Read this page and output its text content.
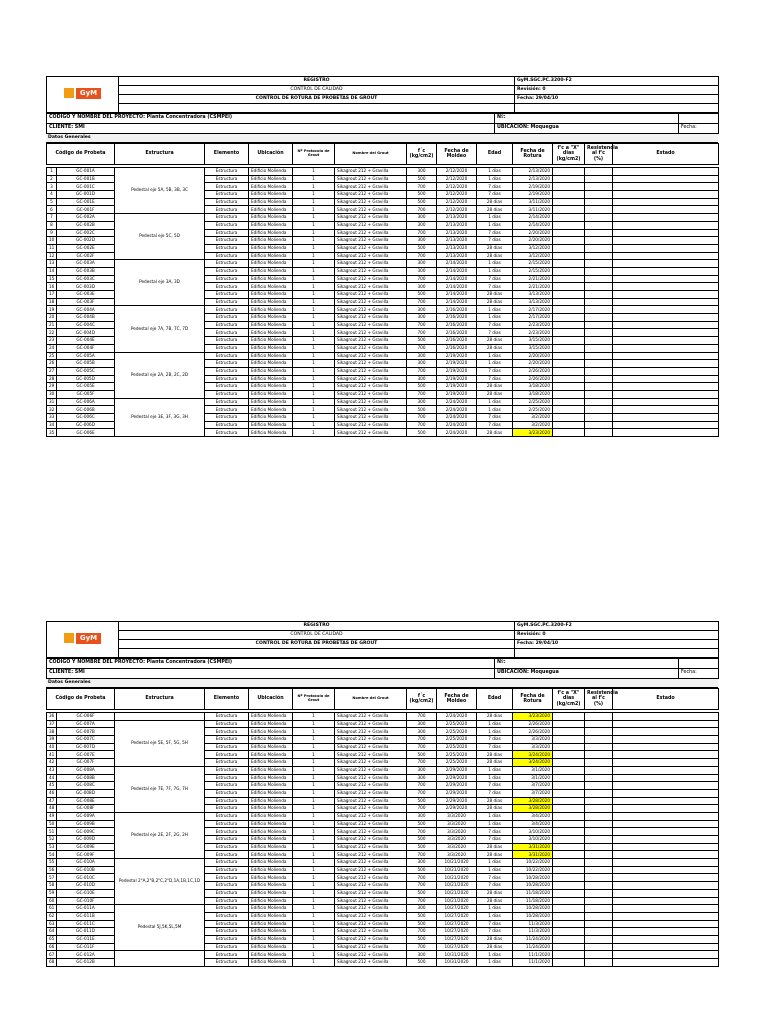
GyM	REGISTRO	GyM.SGC.PC.3200-F2
	CONTROL DE CALIDAD	Revisión: 0
	CONTROL DE ROTURA DE PROBETAS DE GROUT	Fecha: 29/04/10

CÓDIGO Y NOMBRE DEL PROYECTO: Planta Concentradora (CSMPEI)	Nº:	
CLIENTE: SMI	UBICACIÓN: Moquegua	Fecha:
Datos Generales
Código de Probeta		Estructura	Elemento	Ubicación	Nº Protocolo de Grout	Nombre del Grout	f´c (kg/cm2)	Fecha de Moldeo	Edad	Fecha de Rotura	f'c a "X" dias (kg/cm2)	Resistencia al f'c (%)	Estado

1	GC-001A	Pedestal eje 5A, 5B, 3B, 3C	Estructura	Edificio Molienda	1	Sikagrout 212 + Gravilla	300	2/12/2020	1 dias	2/13/2020			
2	GC-001B		Estructura	Edificio Molienda	1	Sikagrout 212 + Gravilla	500	2/12/2020	1 dias	2/13/2020			
3	GC-001C		Estructura	Edificio Molienda	1	Sikagrout 212 + Gravilla	700	2/12/2020	7 dias	2/19/2020			
4	GC-001D		Estructura	Edificio Molienda	1	Sikagrout 212 + Gravilla	500	2/12/2020	7 dias	2/19/2020			
5	GC-001E		Estructura	Edificio Molienda	1	Sikagrout 212 + Gravilla	500	2/12/2020	28 dias	3/11/2020			
6	GC-001F		Estructura	Edificio Molienda	1	Sikagrout 212 + Gravilla	700	2/12/2020	28 dias	3/11/2020			
7	GC-002A	Pedestal eje 5C, 5D	Estructura	Edificio Molienda	1	Sikagrout 212 + Gravilla	300	2/13/2020	1 dias	2/14/2020			
8	GC-002B		Estructura	Edificio Molienda	1	Sikagrout 212 + Gravilla	300	2/13/2020	1 dias	2/14/2020			
9	GC-002C		Estructura	Edificio Molienda	1	Sikagrout 212 + Gravilla	700	2/13/2020	7 dias	2/20/2020			
10	GC-002D		Estructura	Edificio Molienda	1	Sikagrout 212 + Gravilla	300	2/13/2020	7 dias	2/20/2020			
11	GC-002E		Estructura	Edificio Molienda	1	Sikagrout 212 + Gravilla	500	2/13/2020	28 dias	3/12/2020			
12	GC-002F		Estructura	Edificio Molienda	1	Sikagrout 212 + Gravilla	700	2/13/2020	28 dias	3/12/2020			
13	GC-003A	Pedestal eje 3A, 3D	Estructura	Edificio Molienda	1	Sikagrout 212 + Gravilla	300	2/14/2020	1 dias	2/15/2020			
14	GC-003B		Estructura	Edificio Molienda	1	Sikagrout 212 + Gravilla	300	2/14/2020	1 dias	2/15/2020			
15	GC-003C		Estructura	Edificio Molienda	1	Sikagrout 212 + Gravilla	700	2/14/2020	7 dias	2/21/2020			
16	GC-003D		Estructura	Edificio Molienda	1	Sikagrout 212 + Gravilla	300	2/14/2020	7 dias	2/21/2020			
17	GC-003E		Estructura	Edificio Molienda	1	Sikagrout 212 + Gravilla	500	2/14/2020	28 dias	3/13/2020			
18	GC-003F		Estructura	Edificio Molienda	1	Sikagrout 212 + Gravilla	700	2/14/2020	28 dias	3/13/2020			
19	GC-004A	Pedestal eje 7A, 7B, 7C, 7D	Estructura	Edificio Molienda	1	Sikagrout 212 + Gravilla	300	2/16/2020	1 dias	2/17/2020			
20	GC-004B		Estructura	Edificio Molienda	1	Sikagrout 212 + Gravilla	300	2/16/2020	1 dias	2/17/2020			
21	GC-004C		Estructura	Edificio Molienda	1	Sikagrout 212 + Gravilla	700	2/16/2020	7 dias	2/23/2020			
22	GC-004D		Estructura	Edificio Molienda	1	Sikagrout 212 + Gravilla	700	2/16/2020	7 dias	2/23/2020			
23	GC-004E		Estructura	Edificio Molienda	1	Sikagrout 212 + Gravilla	500	2/16/2020	28 dias	3/15/2020			
24	GC-004F		Estructura	Edificio Molienda	1	Sikagrout 212 + Gravilla	700	2/16/2020	28 dias	3/15/2020			
25	GC-005A	Pedestal eje 2A, 2B, 2C, 2D	Estructura	Edificio Molienda	1	Sikagrout 212 + Gravilla	300	2/19/2020	1 dias	2/20/2020			
26	GC-005B		Estructura	Edificio Molienda	1	Sikagrout 212 + Gravilla	300	2/19/2020	1 dias	2/20/2020			
27	GC-005C		Estructura	Edificio Molienda	1	Sikagrout 212 + Gravilla	700	2/19/2020	7 dias	2/26/2020			
28	GC-005D		Estructura	Edificio Molienda	1	Sikagrout 212 + Gravilla	300	2/19/2020	7 dias	2/26/2020			
29	GC-005E		Estructura	Edificio Molienda	1	Sikagrout 212 + Gravilla	500	2/19/2020	28 dias	3/18/2020			
30	GC-005F		Estructura	Edificio Molienda	1	Sikagrout 212 + Gravilla	700	2/19/2020	28 dias	3/18/2020			
31	GC-006A	Pedestal eje 3E, 3F, 3G, 3H	Estructura	Edificio Molienda	1	Sikagrout 212 + Gravilla	300	2/24/2020	1 dias	2/25/2020			
32	GC-006B		Estructura	Edificio Molienda	1	Sikagrout 212 + Gravilla	500	2/24/2020	1 dias	2/25/2020			
33	GC-006C		Estructura	Edificio Molienda	1	Sikagrout 212 + Gravilla	700	2/24/2020	7 dias	3/2/2020			
34	GC-006D		Estructura	Edificio Molienda	1	Sikagrout 212 + Gravilla	700	2/24/2020	7 dias	3/2/2020			
35	GC-006E		Estructura	Edificio Molienda	1	Sikagrout 212 + Gravilla	500	2/24/2020	28 dias	3/23/2020			
GyM	REGISTRO	GyM.SGC.PC.3200-F2
	CONTROL DE CALIDAD	Revisión: 0
	CONTROL DE ROTURA DE PROBETAS DE GROUT	Fecha: 29/04/10

CÓDIGO Y NOMBRE DEL PROYECTO: Planta Concentradora (CSMPEI)	Nº:	
CLIENTE: SMI	UBICACIÓN: Moquegua	Fecha:
Datos Generales
Código de Probeta		Estructura	Elemento	Ubicación	Nº Protocolo de Grout	Nombre del Grout	f´c (kg/cm2)	Fecha de Moldeo	Edad	Fecha de Rotura	f'c a "X" dias (kg/cm2)	Resistencia al f'c (%)	Estado

36	GC-006F		Estructura	Edificio Molienda	1	Sikagrout 212 + Gravilla	700	2/24/2020	28 dias	3/23/2020			
37	GC-007A	Pedestal eje 5E, 5F, 5G, 5H	Estructura	Edificio Molienda	1	Sikagrout 212 + Gravilla	300	2/25/2020	1 dias	2/26/2020			
38	GC-007B		Estructura	Edificio Molienda	1	Sikagrout 212 + Gravilla	300	2/25/2020	1 dias	2/26/2020			
39	GC-007C		Estructura	Edificio Molienda	1	Sikagrout 212 + Gravilla	700	2/25/2020	7 dias	3/3/2020			
40	GC-007D		Estructura	Edificio Molienda	1	Sikagrout 212 + Gravilla	700	2/25/2020	7 dias	3/3/2020			
41	GC-007E		Estructura	Edificio Molienda	1	Sikagrout 212 + Gravilla	500	2/25/2020	28 dias	3/24/2020			
42	GC-007F		Estructura	Edificio Molienda	1	Sikagrout 212 + Gravilla	700	2/25/2020	28 dias	3/24/2020			
43	GC-008A	Pedestal eje 7E, 7F, 7G, 7H	Estructura	Edificio Molienda	1	Sikagrout 212 + Gravilla	300	2/29/2020	1 dias	3/1/2020			
44	GC-008B		Estructura	Edificio Molienda	1	Sikagrout 212 + Gravilla	300	2/29/2020	1 dias	3/1/2020			
45	GC-008C		Estructura	Edificio Molienda	1	Sikagrout 212 + Gravilla	700	2/29/2020	7 dias	3/7/2020			
46	GC-008D		Estructura	Edificio Molienda	1	Sikagrout 212 + Gravilla	700	2/29/2020	7 dias	3/7/2020			
47	GC-008E		Estructura	Edificio Molienda	1	Sikagrout 212 + Gravilla	500	2/29/2020	28 dias	3/28/2020			
48	GC-008F		Estructura	Edificio Molienda	1	Sikagrout 212 + Gravilla	700	2/29/2020	28 dias	3/28/2020			
49	GC-009A	Pedestal eje 2E, 2F, 2G, 2H	Estructura	Edificio Molienda	1	Sikagrout 212 + Gravilla	300	3/3/2020	1 dias	3/4/2020			
50	GC-009B		Estructura	Edificio Molienda	1	Sikagrout 212 + Gravilla	500	3/3/2020	1 dias	3/4/2020			
51	GC-009C		Estructura	Edificio Molienda	1	Sikagrout 212 + Gravilla	700	3/3/2020	7 dias	3/10/2020			
52	GC-009D		Estructura	Edificio Molienda	1	Sikagrout 212 + Gravilla	500	3/3/2020	7 dias	3/10/2020			
53	GC-009E		Estructura	Edificio Molienda	1	Sikagrout 212 + Gravilla	500	3/3/2020	28 dias	3/31/2020			
54	GC-009F		Estructura	Edificio Molienda	1	Sikagrout 212 + Gravilla	700	3/3/2020	28 dias	3/31/2020			
55	GC-010A	Pedestal 2"A,2"B,2"C,2"D,1A,1B,1C,1D	Estructura	Edificio Molienda	1	Sikagrout 212 + Gravilla	300	10/21/2020	1 dias	10/22/2020			
56	GC-010B		Estructura	Edificio Molienda	1	Sikagrout 212 + Gravilla	500	10/21/2020	1 dias	10/22/2020			
57	GC-010C		Estructura	Edificio Molienda	1	Sikagrout 212 + Gravilla	700	10/21/2020	7 dias	10/28/2020			
58	GC-010D		Estructura	Edificio Molienda	1	Sikagrout 212 + Gravilla	700	10/21/2020	7 dias	10/28/2020			
59	GC-010E		Estructura	Edificio Molienda	1	Sikagrout 212 + Gravilla	500	10/21/2020	28 dias	11/18/2020			
60	GC-010F		Estructura	Edificio Molienda	1	Sikagrout 212 + Gravilla	700	10/21/2020	28 dias	11/18/2020			
61	GC-011A	Pedestal 5J,5K,5L,5M	Estructura	Edificio Molienda	1	Sikagrout 212 + Gravilla	300	10/27/2020	1 dias	10/28/2020			
62	GC-011B		Estructura	Edificio Molienda	1	Sikagrout 212 + Gravilla	500	10/27/2020	1 dias	10/28/2020			
63	GC-011C		Estructura	Edificio Molienda	1	Sikagrout 212 + Gravilla	500	10/27/2020	7 dias	11/3/2020			
64	GC-011D		Estructura	Edificio Molienda	1	Sikagrout 212 + Gravilla	700	10/27/2020	7 dias	11/3/2020			
65	GC-011E		Estructura	Edificio Molienda	1	Sikagrout 212 + Gravilla	500	10/27/2020	28 dias	11/24/2020			
66	GC-011F		Estructura	Edificio Molienda	1	Sikagrout 212 + Gravilla	700	10/27/2020	28 dias	11/24/2020			
67	GC-012A		Estructura	Edificio Molienda	1	Sikagrout 212 + Gravilla	300	10/31/2020	1 dias	11/1/2020			
68	GC-012B		Estructura	Edificio Molienda	1	Sikagrout 212 + Gravilla	500	10/31/2020	1 dias	11/1/2020			
